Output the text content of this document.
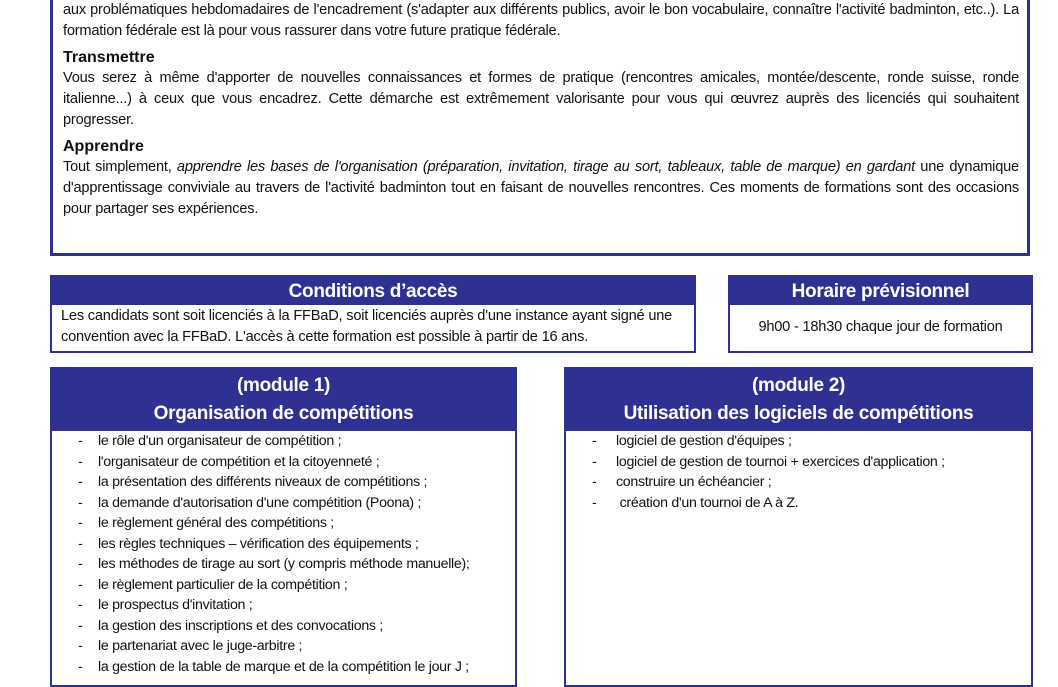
aux problématiques hebdomadaires de l'encadrement (s'adapter aux différents publics, avoir le bon vocabulaire, connaître l'activité badminton, etc..). La formation fédérale est là pour vous rassurer dans votre future pratique fédérale.
Transmettre
Vous serez à même d'apporter de nouvelles connaissances et formes de pratique (rencontres amicales, montée/descente, ronde suisse, ronde italienne...) à ceux que vous encadrez. Cette démarche est extrêmement valorisante pour vous qui œuvrez auprès des licenciés qui souhaitent progresser.
Apprendre
Tout simplement, apprendre les bases de l'organisation (préparation, invitation, tirage au sort, tableaux, table de marque) en gardant une dynamique d'apprentissage conviviale au travers de l'activité badminton tout en faisant de nouvelles rencontres. Ces moments de formations sont des occasions pour partager ses expériences.
Conditions d’accès
Les candidats sont soit licenciés à la FFBaD, soit licenciés auprès d'une instance ayant signé une convention avec la FFBaD. L'accès à cette formation est possible à partir de 16 ans.
Horaire prévisionnel
9h00 - 18h30 chaque jour de formation
(module 1)
Organisation de compétitions
-	le rôle d'un organisateur de compétition ;
-	l'organisateur de compétition et la citoyenneté ;
-	la présentation des différents niveaux de compétitions ;
-	la demande d'autorisation d'une compétition (Poona) ;
-	le règlement général des compétitions ;
-	les règles techniques – vérification des équipements ;
-	les méthodes de tirage au sort (y compris méthode manuelle);
-	le règlement particulier de la compétition ;
-	le prospectus d'invitation ;
-	la gestion des inscriptions et des convocations ;
-	le partenariat avec le juge-arbitre ;
-	la gestion de la table de marque et de la compétition le jour J ;
(module 2)
Utilisation des logiciels de compétitions
-	logiciel de gestion d'équipes ;
-	logiciel de gestion de tournoi + exercices d'application ;
-	construire un échéancier ;
-	création d'un tournoi de A à Z.
